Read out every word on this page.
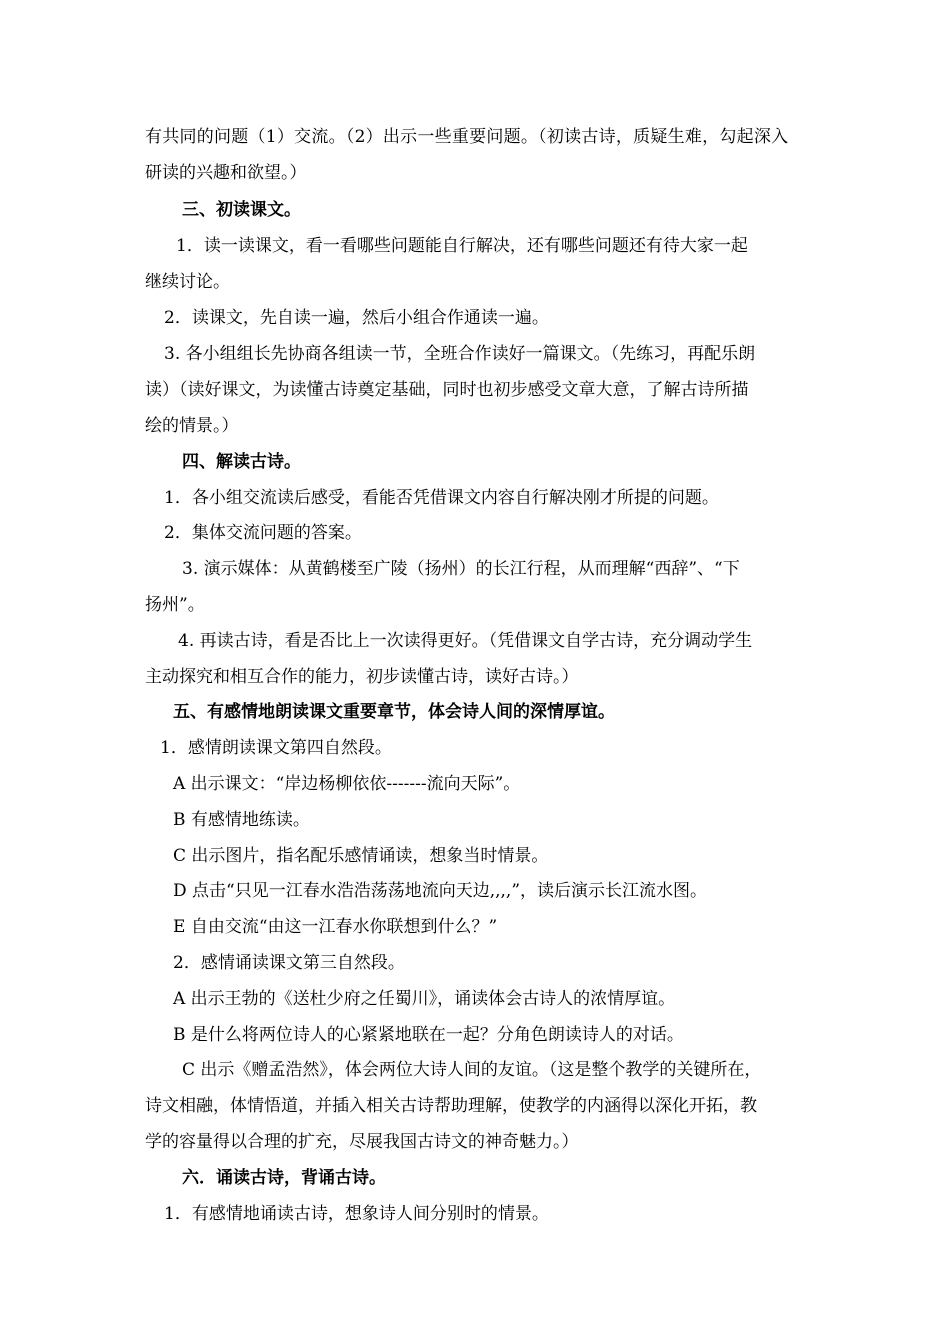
有共同的问题（1）交流。（2）出示一些重要问题。（初读古诗，质疑生难，勾起深入
研读的兴趣和欲望。）
三、初读课文。
1．读一读课文，看一看哪些问题能自行解决，还有哪些问题还有待大家一起
继续讨论。
2．读课文，先自读一遍，然后小组合作通读一遍。
3. 各小组组长先协商各组读一节，全班合作读好一篇课文。（先练习，再配乐朗
读）（读好课文，为读懂古诗奠定基础，同时也初步感受文章大意，了解古诗所描
绘的情景。）
四、解读古诗。
1．各小组交流读后感受，看能否凭借课文内容自行解决刚才所提的问题。
2．集体交流问题的答案。
3. 演示媒体：从黄鹤楼至广陵（扬州）的长江行程，从而理解“西辞”、“下
扬州”。
4. 再读古诗，看是否比上一次读得更好。（凭借课文自学古诗，充分调动学生
主动探究和相互合作的能力，初步读懂古诗，读好古诗。）
五、有感情地朗读课文重要章节，体会诗人间的深情厚谊。
1．感情朗读课文第四自然段。
A 出示课文：“岸边杨柳依依-------流向天际”。
B 有感情地练读。
C 出示图片，指名配乐感情诵读，想象当时情景。
D 点击“只见一江春水浩浩荡荡地流向天边,,,,”，读后演示长江流水图。
E 自由交流“由这一江春水你联想到什么？”
2．感情诵读课文第三自然段。
A 出示王勃的《送杜少府之任蜀川》，诵读体会古诗人的浓情厚谊。
B 是什么将两位诗人的心紧紧地联在一起？分角色朗读诗人的对话。
C 出示《赠孟浩然》，体会两位大诗人间的友谊。（这是整个教学的关键所在，
诗文相融，体情悟道，并插入相关古诗帮助理解，使教学的内涵得以深化开拓，教
学的容量得以合理的扩充，尽展我国古诗文的神奇魅力。）
六．诵读古诗，背诵古诗。
1．有感情地诵读古诗，想象诗人间分别时的情景。
